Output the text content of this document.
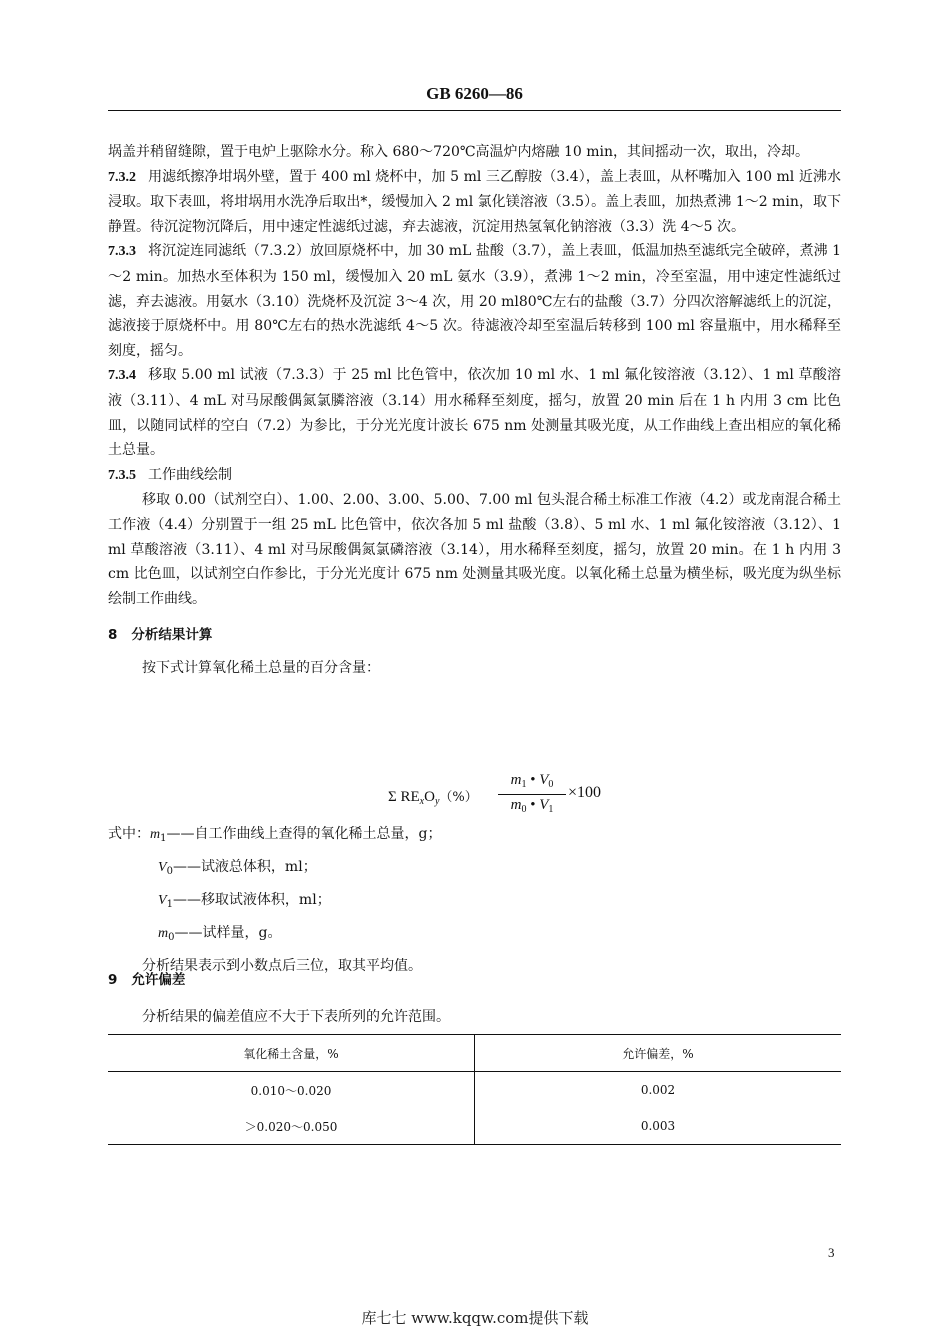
GB 6260—86

埚盖并稍留缝隙，置于电炉上驱除水分。称入 680～720℃高温炉内熔融 10 min，其间摇动一次，取出，冷却。

7.3.2 用滤纸擦净坩埚外壁，置于 400 ml 烧杯中，加 5 ml 三乙醇胺（3.4），盖上表皿，从杯嘴加入 100 ml 近沸水浸取。取下表皿，将坩埚用水洗净后取出*，缓慢加入 2 ml 氯化镁溶液（3.5）。盖上表皿，加热煮沸 1～2 min，取下静置。待沉淀物沉降后，用中速定性滤纸过滤，弃去滤液，沉淀用热氢氧化钠溶液（3.3）洗 4～5 次。

7.3.3 将沉淀连同滤纸（7.3.2）放回原烧杯中，加 30 mL 盐酸（3.7），盖上表皿，低温加热至滤纸完全破碎，煮沸 1～2 min。加热水至体积为 150 ml，缓慢加入 20 mL 氨水（3.9），煮沸 1～2 min，冷至室温，用中速定性滤纸过滤，弃去滤液。用氨水（3.10）洗烧杯及沉淀 3～4 次，用 20 ml80℃左右的盐酸（3.7）分四次溶解滤纸上的沉淀，滤液接于原烧杯中。用 80℃左右的热水洗滤纸 4～5 次。待滤液冷却至室温后转移到 100 ml 容量瓶中，用水稀释至刻度，摇匀。

7.3.4 移取 5.00 ml 试液（7.3.3）于 25 ml 比色管中，依次加 10 ml 水、1 ml 氟化铵溶液（3.12）、1 ml 草酸溶液（3.11）、4 mL 对马尿酸偶氮氯膦溶液（3.14）用水稀释至刻度，摇匀，放置 20 min 后在 1 h 内用 3 cm 比色皿，以随同试样的空白（7.2）为参比，于分光光度计波长 675 nm 处测量其吸光度，从工作曲线上查出相应的氧化稀土总量。

7.3.5 工作曲线绘制

移取 0.00（试剂空白）、1.00、2.00、3.00、5.00、7.00 ml 包头混合稀土标准工作液（4.2）或龙南混合稀土工作液（4.4）分别置于一组 25 mL 比色管中，依次各加 5 ml 盐酸（3.8）、5 ml 水、1 ml 氟化铵溶液（3.12）、1 ml 草酸溶液（3.11）、4 ml 对马尿酸偶氮氯磷溶液（3.14），用水稀释至刻度，摇匀，放置 20 min。在 1 h 内用 3 cm 比色皿，以试剂空白作参比，于分光光度计 675 nm 处测量其吸光度。以氧化稀土总量为横坐标，吸光度为纵坐标绘制工作曲线。

8 分析结果计算

按下式计算氧化稀土总量的百分含量：

Σ $RE_xO_y(\%)$
$m_1$ • $V_0$
$m_0$ • $V_1$
×100
式中：$m_1——$自工作曲线上查得的氧化稀土总量，g；
$V_0——$试液总体积，ml；
$V_1——$移取试液体积，ml；
$m_0——$试样量，g。
分析结果表示到小数点后三位，取其平均值。
9 允许偏差
分析结果的偏差值应不大于下表所列的允许范围。
氧化稀土含量，%	允许偏差，%
0.010～0.020	0.002
＞0.020～0.050	0.003
3
库七七 www.kqqw.com提供下载
